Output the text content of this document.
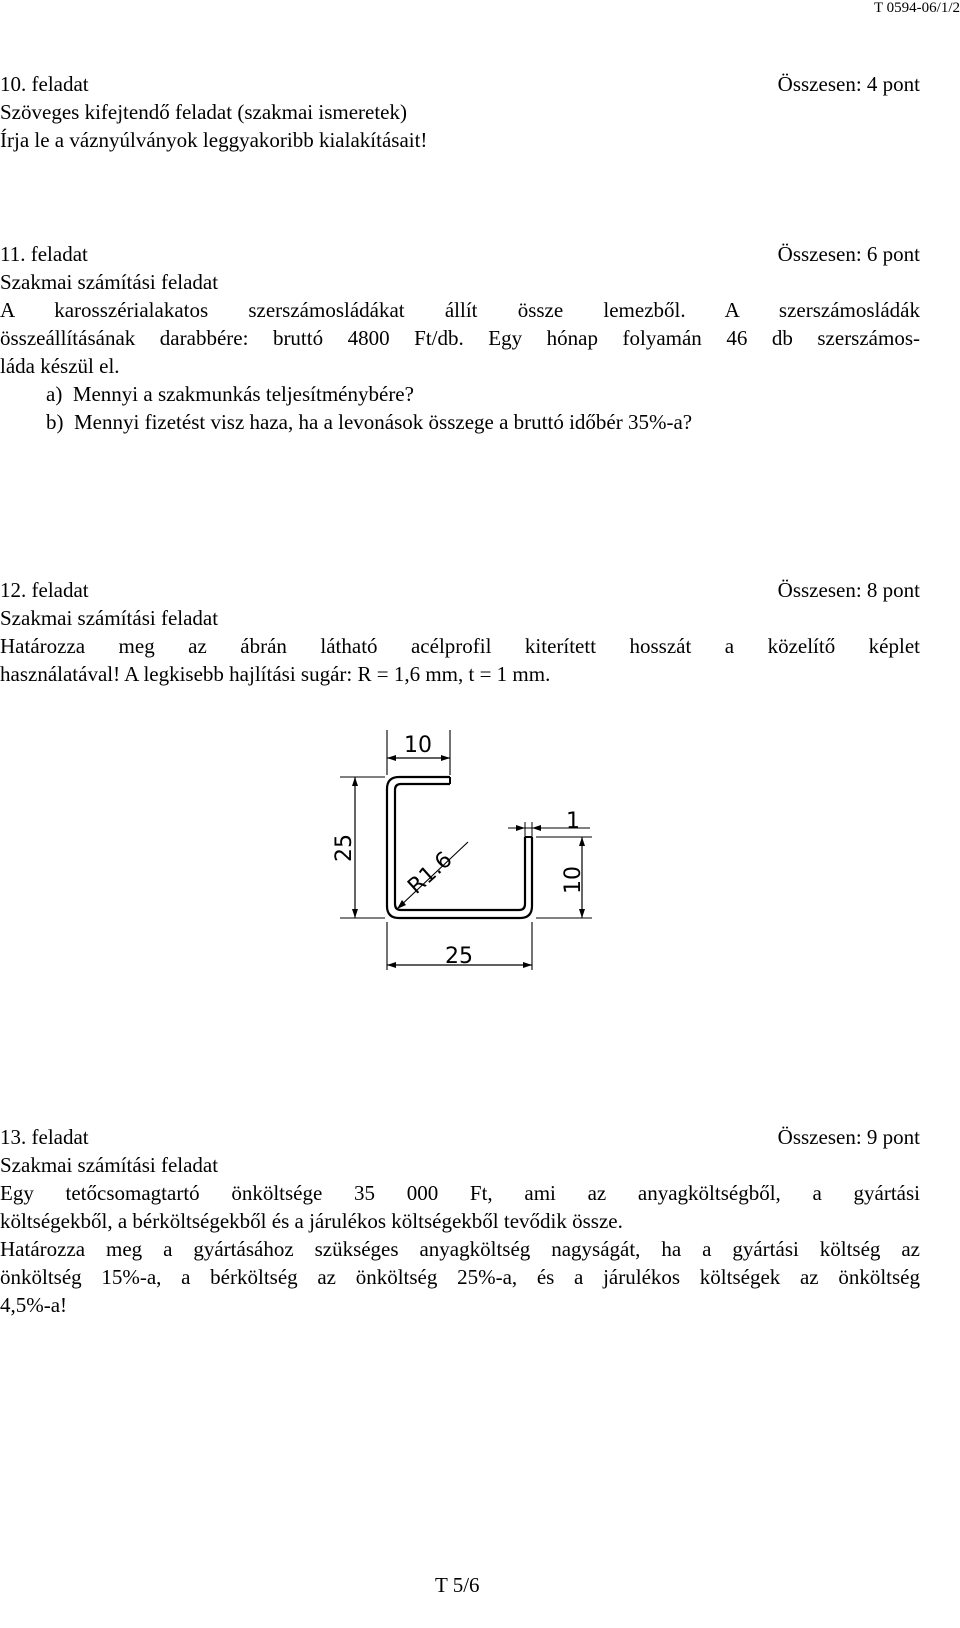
T 0594-06/1/2
10. feladat	Összesen: 4 pont
Szöveges kifejtendő feladat (szakmai ismeretek)
Írja le a váznyúlványok leggyakoribb kialakításait!
11. feladat	Összesen: 6 pont
Szakmai számítási feladat
A karosszérialakatos szerszámosládákat állít össze lemezből. A szerszámosládák
összeállításának darabbére: bruttó 4800 Ft/db. Egy hónap folyamán 46 db szerszámos-
láda készül el.
a)  Mennyi a szakmunkás teljesítménybére?
b)  Mennyi fizetést visz haza, ha a levonások összege a bruttó időbér 35%-a?
12. feladat	Összesen: 8 pont
Szakmai számítási feladat
Határozza meg az ábrán látható acélprofil kiterített hosszát a közelítő képlet
használatával! A legkisebb hajlítási sugár: R = 1,6 mm, t = 1 mm.
10
25
1
R1.6	10
25
13. feladat	Összesen: 9 pont
Szakmai számítási feladat
Egy tetőcsomagtartó önköltsége 35 000 Ft, ami az anyagköltségből, a gyártási
költségekből, a bérköltségekből és a járulékos költségekből tevődik össze.
Határozza meg a gyártásához szükséges anyagköltség nagyságát, ha a gyártási költség az
önköltség 15%-a, a bérköltség az önköltség 25%-a, és a járulékos költségek az önköltség
4,5%-a!
T 5/6
